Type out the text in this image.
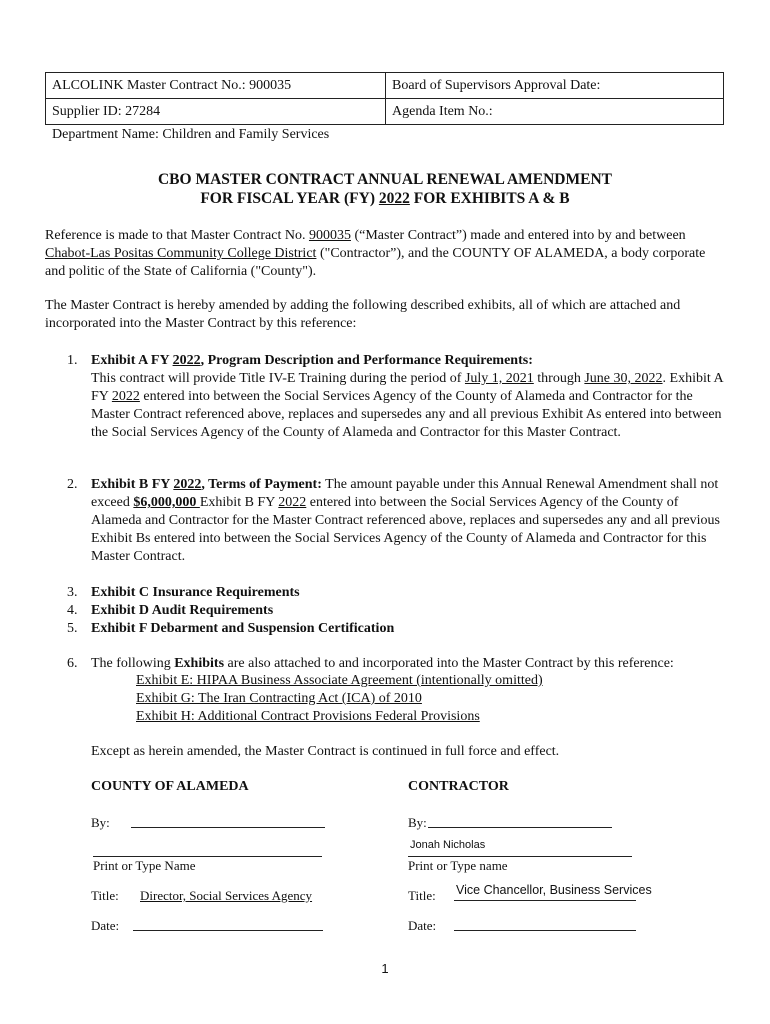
ALCOLINK Master Contract No.: 900035	Board of Supervisors Approval Date:
Supplier ID: 27284	Agenda Item No.:
Department Name: Children and Family Services
CBO MASTER CONTRACT ANNUAL RENEWAL AMENDMENT
FOR FISCAL YEAR (FY) 2022 FOR EXHIBITS A & B
Reference is made to that Master Contract No. 900035 (“Master Contract”) made and entered into by and between Chabot-Las Positas Community College District ("Contractor”), and the COUNTY OF ALAMEDA, a body corporate and politic of the State of California ("County").
The Master Contract is hereby amended by adding the following described exhibits, all of which are attached and incorporated into the Master Contract by this reference:
1. Exhibit A FY 2022, Program Description and Performance Requirements:
This contract will provide Title IV-E Training during the period of July 1, 2021 through June 30, 2022. Exhibit A FY 2022 entered into between the Social Services Agency of the County of Alameda and Contractor for the Master Contract referenced above, replaces and supersedes any and all previous Exhibit As entered into between the Social Services Agency of the County of Alameda and Contractor for this Master Contract.
2. Exhibit B FY 2022, Terms of Payment: The amount payable under this Annual Renewal Amendment shall not exceed $6,000,000 Exhibit B FY 2022 entered into between the Social Services Agency of the County of Alameda and Contractor for the Master Contract referenced above, replaces and supersedes any and all previous Exhibit Bs entered into between the Social Services Agency of the County of Alameda and Contractor for this Master Contract.
3. Exhibit C Insurance Requirements
4. Exhibit D Audit Requirements
5. Exhibit F Debarment and Suspension Certification
6. The following Exhibits are also attached to and incorporated into the Master Contract by this reference:
Exhibit E: HIPAA Business Associate Agreement (intentionally omitted)
Exhibit G: The Iran Contracting Act (ICA) of 2010
Exhibit H: Additional Contract Provisions Federal Provisions
Except as herein amended, the Master Contract is continued in full force and effect.
COUNTY OF ALAMEDA	CONTRACTOR
By:	By:
Print or Type Name
Jonah Nicholas
Print or Type name
Title:	Director, Social Services Agency	Title: Vice Chancellor, Business Services
Date:	Date:
1
